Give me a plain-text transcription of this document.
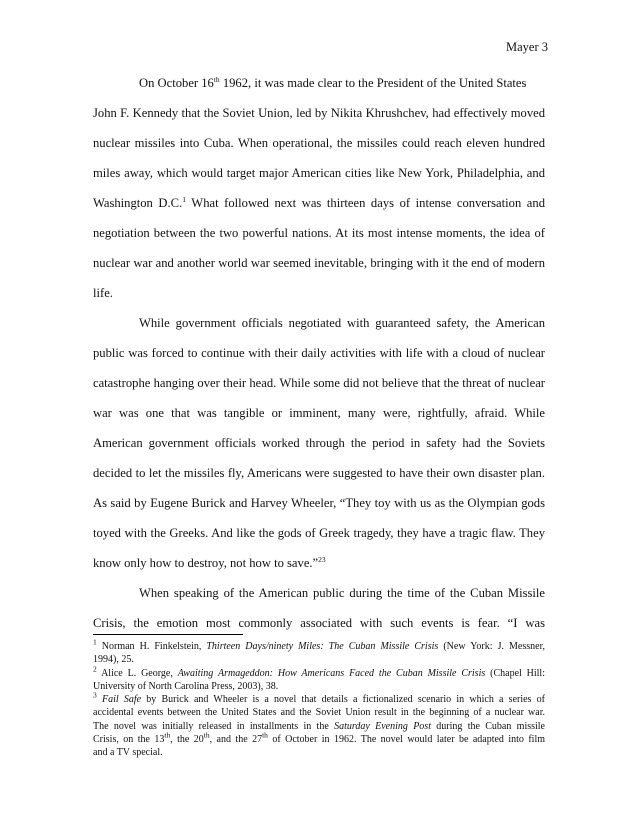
Mayer 3
On October 16th 1962, it was made clear to the President of the United States
John F. Kennedy that the Soviet Union, led by Nikita Khrushchev, had effectively moved
nuclear missiles into Cuba. When operational, the missiles could reach eleven hundred
miles away, which would target major American cities like New York, Philadelphia, and
Washington D.C.$^1$ What followed next was thirteen days of intense conversation and
negotiation between the two powerful nations. At its most intense moments, the idea of
nuclear war and another world war seemed inevitable, bringing with it the end of modern
life.
While government officials negotiated with guaranteed safety, the American
public was forced to continue with their daily activities with life with a cloud of nuclear
catastrophe hanging over their head. While some did not believe that the threat of nuclear
war was one that was tangible or imminent, many were, rightfully, afraid. While
American government officials worked through the period in safety had the Soviets
decided to let the missiles fly, Americans were suggested to have their own disaster plan.
As said by Eugene Burick and Harvey Wheeler, “They toy with us as the Olympian gods
toyed with the Greeks. And like the gods of Greek tragedy, they have a tragic flaw. They
know only how to destroy, not how to save.”$^{23}$
When speaking of the American public during the time of the Cuban Missile
Crisis, the emotion most commonly associated with such events is fear. “I was
$^1$ Norman H. Finkelstein, Thirteen Days/ninety Miles: The Cuban Missile Crisis (New York: J. Messner,
1994), 25.
$^2$ Alice L. George, Awaiting Armageddon: How Americans Faced the Cuban Missile Crisis (Chapel Hill:
University of North Carolina Press, 2003), 38.
$^3$ Fail Safe by Burick and Wheeler is a novel that details a fictionalized scenario in which a series of
accidental events between the United States and the Soviet Union result in the beginning of a nuclear war.
The novel was initially released in installments in the Saturday Evening Post during the Cuban missile
Crisis, on the 13th, the 20th, and the 27th of October in 1962. The novel would later be adapted into film
and a TV special.
